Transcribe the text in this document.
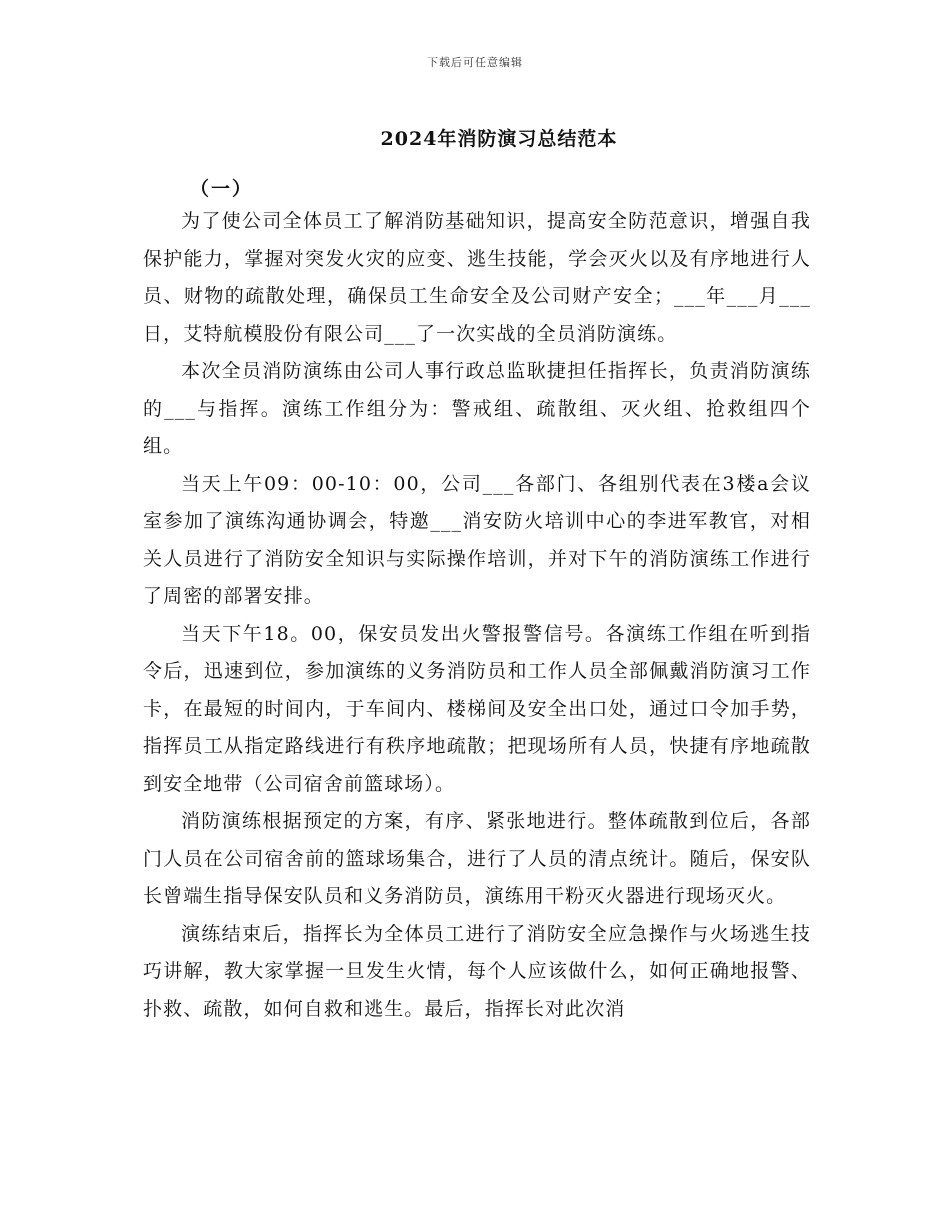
下载后可任意编辑
2024年消防演习总结范本
（一）

为了使公司全体员工了解消防基础知识，提高安全防范意识，增强自我保护能力，掌握对突发火灾的应变、逃生技能，学会灭火以及有序地进行人员、财物的疏散处理，确保员工生命安全及公司财产安全；___年___月___日，艾特航模股份有限公司___了一次实战的全员消防演练。

本次全员消防演练由公司人事行政总监耿捷担任指挥长，负责消防演练的___与指挥。演练工作组分为：警戒组、疏散组、灭火组、抢救组四个组。

当天上午09：00-10：00，公司___各部门、各组别代表在3楼a会议室参加了演练沟通协调会，特邀___消安防火培训中心的李进军教官，对相关人员进行了消防安全知识与实际操作培训，并对下午的消防演练工作进行了周密的部署安排。

当天下午18。00，保安员发出火警报警信号。各演练工作组在听到指令后，迅速到位，参加演练的义务消防员和工作人员全部佩戴消防演习工作卡，在最短的时间内，于车间内、楼梯间及安全出口处，通过口令加手势，指挥员工从指定路线进行有秩序地疏散；把现场所有人员，快捷有序地疏散到安全地带（公司宿舍前篮球场）。

消防演练根据预定的方案，有序、紧张地进行。整体疏散到位后，各部门人员在公司宿舍前的篮球场集合，进行了人员的清点统计。随后，保安队长曾端生指导保安队员和义务消防员，演练用干粉灭火器进行现场灭火。

演练结束后，指挥长为全体员工进行了消防安全应急操作与火场逃生技巧讲解，教大家掌握一旦发生火情，每个人应该做什么，如何正确地报警、扑救、疏散，如何自救和逃生。最后，指挥长对此次消
